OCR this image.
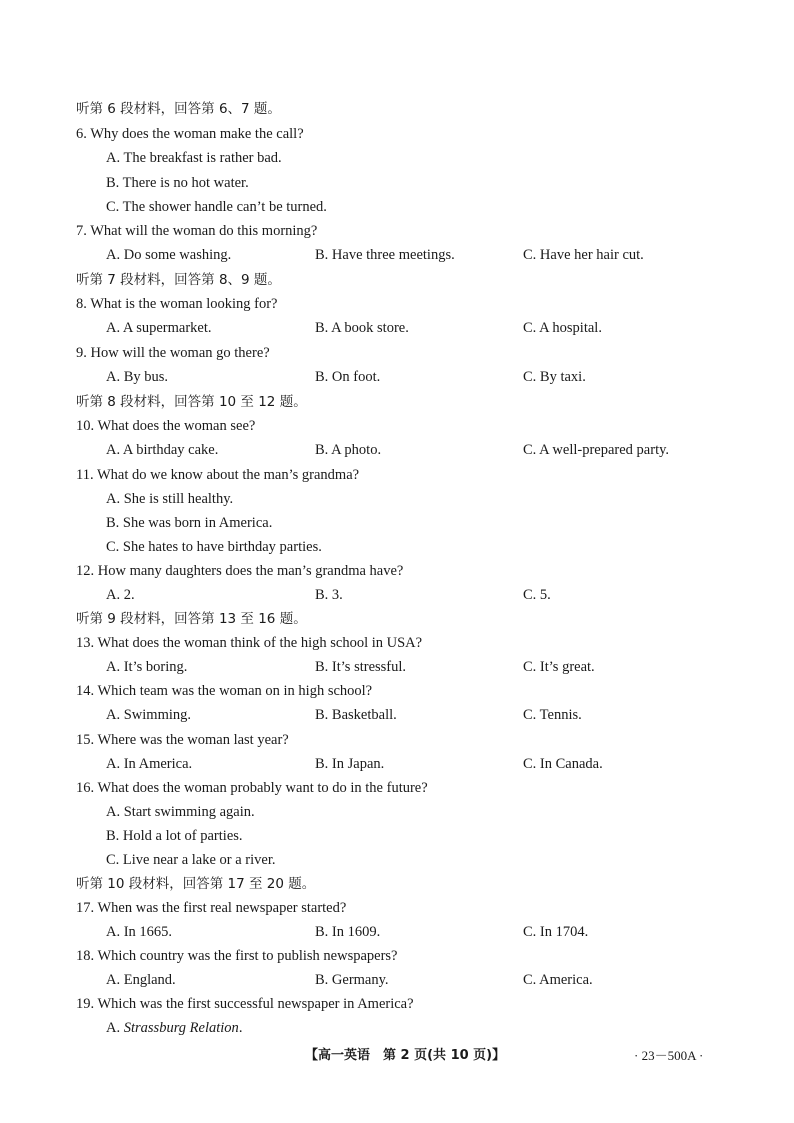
听第 6 段材料，回答第 6、7 题。
6. Why does the woman make the call?
A. The breakfast is rather bad.
B. There is no hot water.
C. The shower handle can’t be turned.
7. What will the woman do this morning?
A. Do some washing.	B. Have three meetings.	C. Have her hair cut.
听第 7 段材料，回答第 8、9 题。
8. What is the woman looking for?
A. A supermarket.	B. A book store.	C. A hospital.
9. How will the woman go there?
A. By bus.	B. On foot.	C. By taxi.
听第 8 段材料，回答第 10 至 12 题。
10. What does the woman see?
A. A birthday cake.	B. A photo.	C. A well-prepared party.
11. What do we know about the man’s grandma?
A. She is still healthy.
B. She was born in America.
C. She hates to have birthday parties.
12. How many daughters does the man’s grandma have?
A. 2.	B. 3.	C. 5.
听第 9 段材料，回答第 13 至 16 题。
13. What does the woman think of the high school in USA?
A. It’s boring.	B. It’s stressful.	C. It’s great.
14. Which team was the woman on in high school?
A. Swimming.	B. Basketball.	C. Tennis.
15. Where was the woman last year?
A. In America.	B. In Japan.	C. In Canada.
16. What does the woman probably want to do in the future?
A. Start swimming again.
B. Hold a lot of parties.
C. Live near a lake or a river.
听第 10 段材料，回答第 17 至 20 题。
17. When was the first real newspaper started?
A. In 1665.	B. In 1609.	C. In 1704.
18. Which country was the first to publish newspapers?
A. England.	B. Germany.	C. America.
19. Which was the first successful newspaper in America?
A. Strassburg Relation.
【高一英语　第 2 页(共 10 页)】	· 23－500A ·
